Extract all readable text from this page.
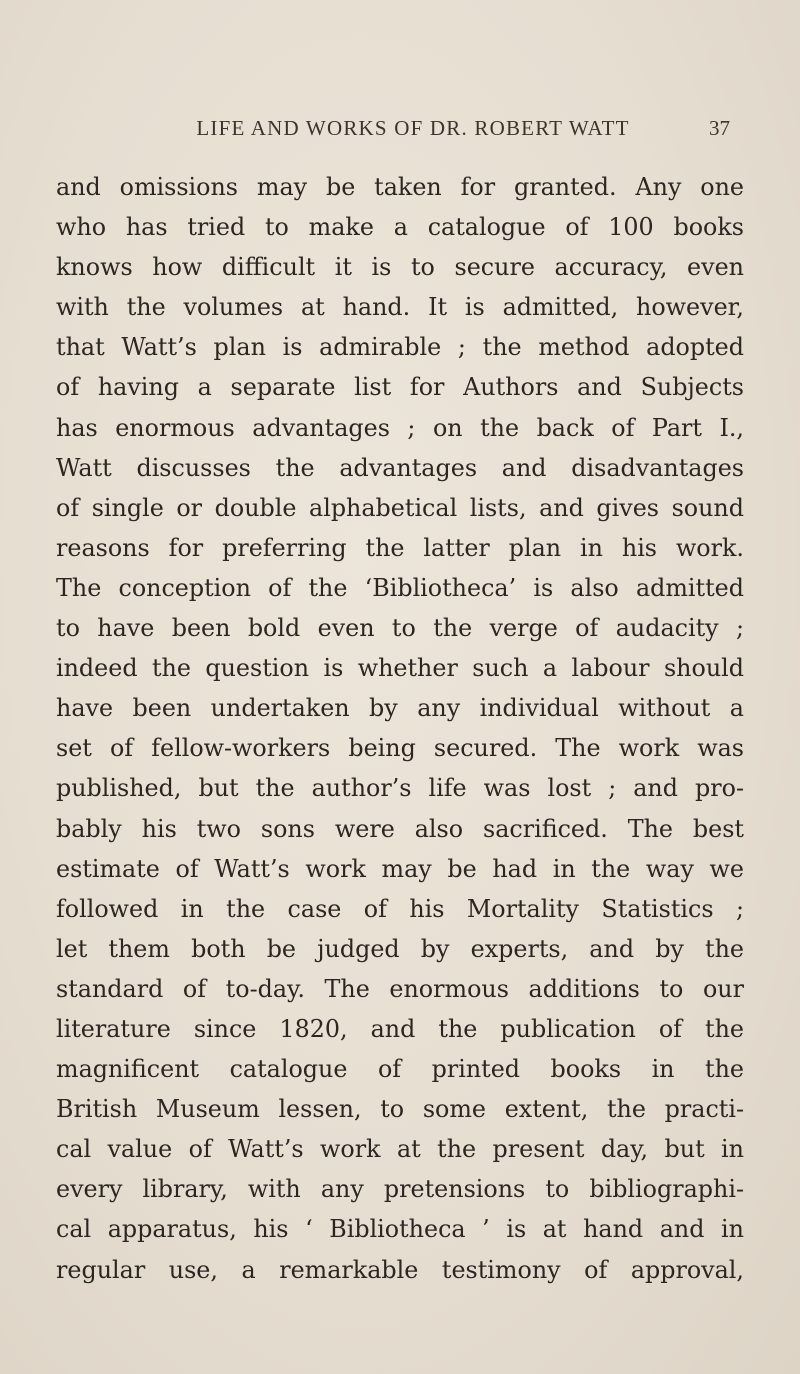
LIFE AND WORKS OF DR. ROBERT WATT	37
and omissions may be taken for granted. Any one
who has tried to make a catalogue of 100 books
knows how difficult it is to secure accuracy, even
with the volumes at hand. It is admitted, however,
that Watt’s plan is admirable ; the method adopted
of having a separate list for Authors and Subjects
has enormous advantages ; on the back of Part I.,
Watt discusses the advantages and disadvantages
of single or double alphabetical lists, and gives sound
reasons for preferring the latter plan in his work.
The conception of the ‘Bibliotheca’ is also admitted
to have been bold even to the verge of audacity ;
indeed the question is whether such a labour should
have been undertaken by any individual without a
set of fellow-workers being secured. The work was
published, but the author’s life was lost ; and pro-
bably his two sons were also sacrificed. The best
estimate of Watt’s work may be had in the way we
followed in the case of his Mortality Statistics ;
let them both be judged by experts, and by the
standard of to-day. The enormous additions to our
literature since 1820, and the publication of the
magnificent catalogue of printed books in the
British Museum lessen, to some extent, the practi-
cal value of Watt’s work at the present day, but in
every library, with any pretensions to bibliographi-
cal apparatus, his ‘ Bibliotheca ’ is at hand and in
regular use, a remarkable testimony of approval,
